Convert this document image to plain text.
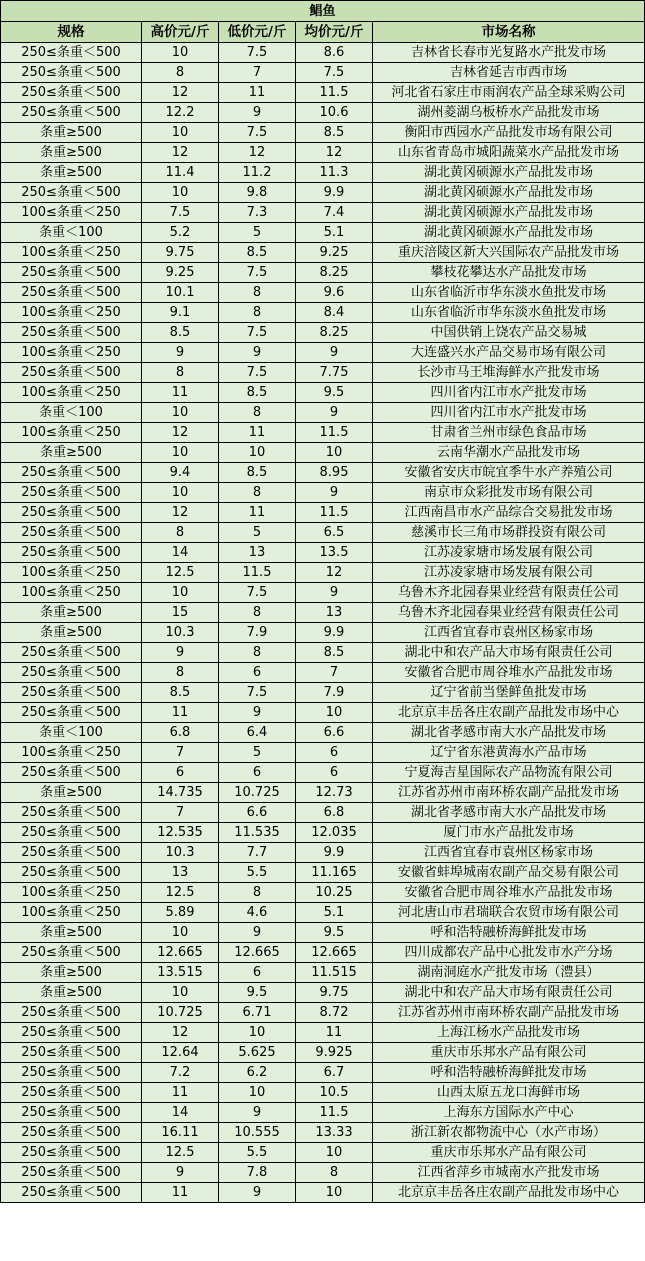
鲳鱼				
规格	高价元/斤	低价元/斤	均价元/斤	市场名称
250≤条重＜500	10	7.5	8.6	吉林省长春市光复路水产批发市场
250≤条重＜500	8	7	7.5	吉林省延吉市西市场
250≤条重＜500	12	11	11.5	河北省石家庄市雨润农产品全球采购公司
250≤条重＜500	12.2	9	10.6	湖州菱湖乌板桥水产品批发市场
条重≥500	10	7.5	8.5	衡阳市西园水产品批发市场有限公司
条重≥500	12	12	12	山东省青岛市城阳蔬菜水产品批发市场
条重≥500	11.4	11.2	11.3	湖北黄冈硕源水产品批发市场
250≤条重＜500	10	9.8	9.9	湖北黄冈硕源水产品批发市场
100≤条重＜250	7.5	7.3	7.4	湖北黄冈硕源水产品批发市场
条重＜100	5.2	5	5.1	湖北黄冈硕源水产品批发市场
100≤条重＜250	9.75	8.5	9.25	重庆涪陵区新大兴国际农产品批发市场
250≤条重＜500	9.25	7.5	8.25	攀枝花攀达水产品批发市场
250≤条重＜500	10.1	8	9.6	山东省临沂市华东淡水鱼批发市场
100≤条重＜250	9.1	8	8.4	山东省临沂市华东淡水鱼批发市场
250≤条重＜500	8.5	7.5	8.25	中国供销上饶农产品交易城
100≤条重＜250	9	9	9	大连盛兴水产品交易市场有限公司
250≤条重＜500	8	7.5	7.75	长沙市马王堆海鲜水产批发市场
100≤条重＜250	11	8.5	9.5	四川省内江市水产批发市场
条重＜100	10	8	9	四川省内江市水产批发市场
100≤条重＜250	12	11	11.5	甘肃省兰州市绿色食品市场
条重≥500	10	10	10	云南华潮水产品批发市场
250≤条重＜500	9.4	8.5	8.95	安徽省安庆市皖宜季牛水产养殖公司
250≤条重＜500	10	8	9	南京市众彩批发市场有限公司
250≤条重＜500	12	11	11.5	江西南昌市水产品综合交易批发市场
250≤条重＜500	8	5	6.5	慈溪市长三角市场群投资有限公司
250≤条重＜500	14	13	13.5	江苏凌家塘市场发展有限公司
100≤条重＜250	12.5	11.5	12	江苏凌家塘市场发展有限公司
100≤条重＜250	10	7.5	9	乌鲁木齐北园春果业经营有限责任公司
条重≥500	15	8	13	乌鲁木齐北园春果业经营有限责任公司
条重≥500	10.3	7.9	9.9	江西省宜春市袁州区杨家市场
250≤条重＜500	9	8	8.5	湖北中和农产品大市场有限责任公司
250≤条重＜500	8	6	7	安徽省合肥市周谷堆水产品批发市场
250≤条重＜500	8.5	7.5	7.9	辽宁省前当堡鲜鱼批发市场
250≤条重＜500	11	9	10	北京京丰岳各庄农副产品批发市场中心
条重＜100	6.8	6.4	6.6	湖北省孝感市南大水产品批发市场
100≤条重＜250	7	5	6	辽宁省东港黄海水产品市场
250≤条重＜500	6	6	6	宁夏海吉星国际农产品物流有限公司
条重≥500	14.735	10.725	12.73	江苏省苏州市南环桥农副产品批发市场
250≤条重＜500	7	6.6	6.8	湖北省孝感市南大水产品批发市场
250≤条重＜500	12.535	11.535	12.035	厦门市水产品批发市场
250≤条重＜500	10.3	7.7	9.9	江西省宜春市袁州区杨家市场
250≤条重＜500	13	5.5	11.165	安徽省蚌埠城南农副产品交易有限公司
100≤条重＜250	12.5	8	10.25	安徽省合肥市周谷堆水产品批发市场
100≤条重＜250	5.89	4.6	5.1	河北唐山市君瑞联合农贸市场有限公司
条重≥500	10	9	9.5	呼和浩特融桥海鲜批发市场
250≤条重＜500	12.665	12.665	12.665	四川成都农产品中心批发市水产分场
条重≥500	13.515	6	11.515	湖南洞庭水产批发市场（澧县）
条重≥500	10	9.5	9.75	湖北中和农产品大市场有限责任公司
250≤条重＜500	10.725	6.71	8.72	江苏省苏州市南环桥农副产品批发市场
250≤条重＜500	12	10	11	上海江杨水产品批发市场
250≤条重＜500	12.64	5.625	9.925	重庆市乐邦水产品有限公司
250≤条重＜500	7.2	6.2	6.7	呼和浩特融桥海鲜批发市场
250≤条重＜500	11	10	10.5	山西太原五龙口海鲜市场
250≤条重＜500	14	9	11.5	上海东方国际水产中心
250≤条重＜500	16.11	10.555	13.33	浙江新农都物流中心（水产市场）
250≤条重＜500	12.5	5.5	10	重庆市乐邦水产品有限公司
250≤条重＜500	9	7.8	8	江西省萍乡市城南水产批发市场
250≤条重＜500	11	9	10	北京京丰岳各庄农副产品批发市场中心
